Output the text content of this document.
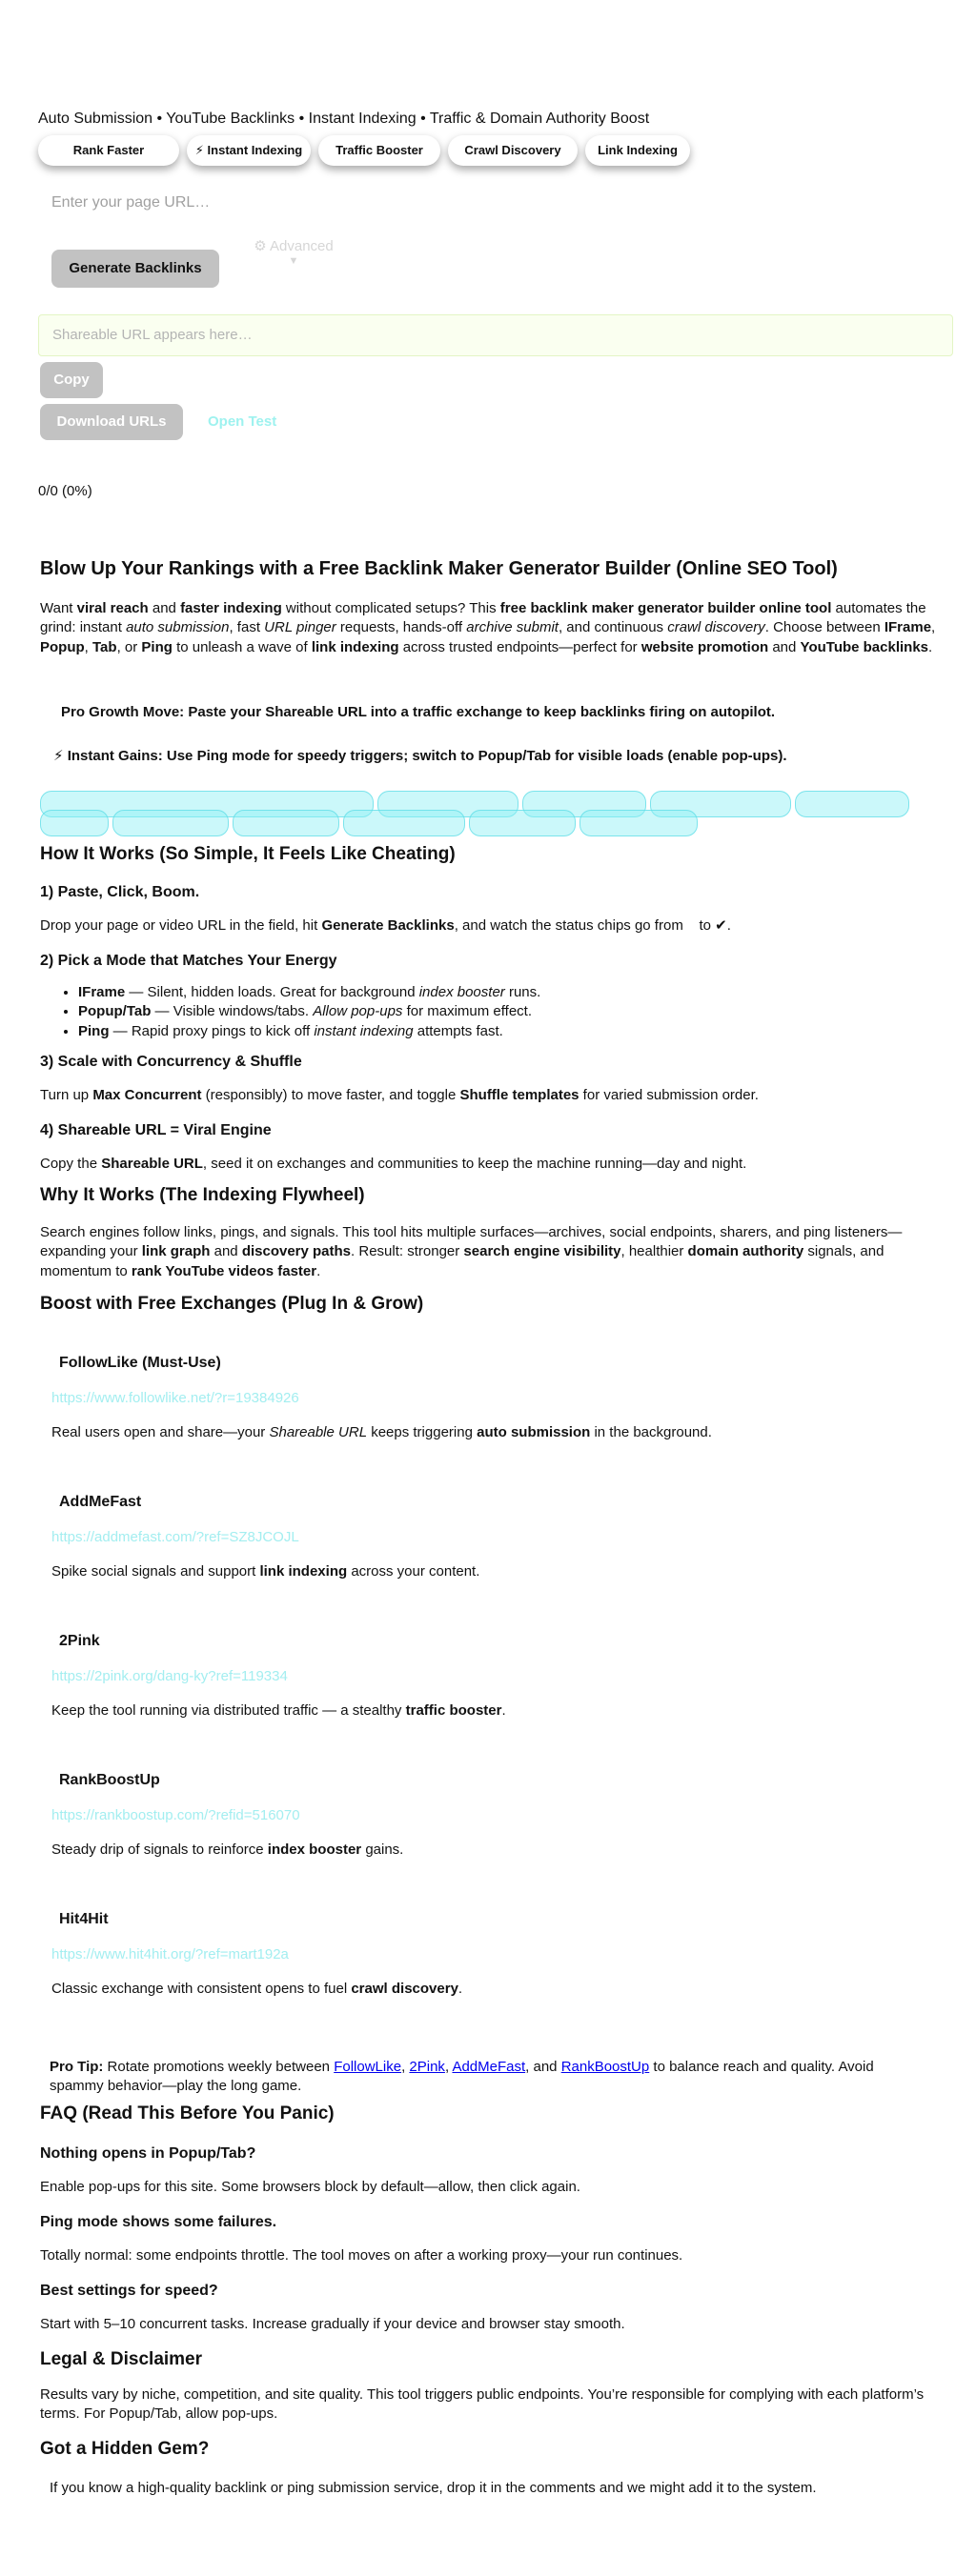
Auto Submission • YouTube Backlinks • Instant Indexing • Traffic & Domain Authority Boost
Rank Faster	⚡ Instant Indexing	Traffic Booster	Crawl Discovery	Link Indexing
Enter your page URL…
Generate Backlinks
⚙ Advanced
▼
Shareable URL appears here…
Copy
Download URLs	Open Test
0/0 (0%)
Blow Up Your Rankings with a Free Backlink Maker Generator Builder (Online SEO Tool)

Want viral reach and faster indexing without complicated setups? This free backlink maker generator builder online tool automates the grind: instant auto submission, fast URL pinger requests, hands-off archive submit, and continuous crawl discovery. Choose between IFrame, Popup, Tab, or Ping to unleash a wave of link indexing across trusted endpoints—perfect for website promotion and YouTube backlinks.

Pro Growth Move: Paste your Shareable URL into a traffic exchange to keep backlinks firing on autopilot.
⚡ Instant Gains: Use Ping mode for speedy triggers; switch to Popup/Tab for visible loads (enable pop-ups).
How It Works (So Simple, It Feels Like Cheating)
1) Paste, Click, Boom.

Drop your page or video URL in the field, hit Generate Backlinks, and watch the status chips go from to ✔.

2) Pick a Mode that Matches Your Energy
• IFrame — Silent, hidden loads. Great for background index booster runs.
• Popup/Tab — Visible windows/tabs. Allow pop-ups for maximum effect.
• Ping — Rapid proxy pings to kick off instant indexing attempts fast.
3) Scale with Concurrency & Shuffle

Turn up Max Concurrent (responsibly) to move faster, and toggle Shuffle templates for varied submission order.

4) Shareable URL = Viral Engine

Copy the Shareable URL, seed it on exchanges and communities to keep the machine running—day and night.

Why It Works (The Indexing Flywheel)

Search engines follow links, pings, and signals. This tool hits multiple surfaces—archives, social endpoints, sharers, and ping listeners—expanding your link graph and discovery paths. Result: stronger search engine visibility, healthier domain authority signals, and momentum to rank YouTube videos faster.

Boost with Free Exchanges (Plug In & Grow)
FollowLike (Must-Use)
https://www.followlike.net/?r=19384926

Real users open and share—your Shareable URL keeps triggering auto submission in the background.

AddMeFast
https://addmefast.com/?ref=SZ8JCOJL

Spike social signals and support link indexing across your content.

2Pink
https://2pink.org/dang-ky?ref=119334

Keep the tool running via distributed traffic — a stealthy traffic booster.

RankBoostUp
https://rankboostup.com/?refid=516070

Steady drip of signals to reinforce index booster gains.

Hit4Hit
https://www.hit4hit.org/?ref=mart192a

Classic exchange with consistent opens to fuel crawl discovery.

Pro Tip: Rotate promotions weekly between FollowLike, 2Pink, AddMeFast, and RankBoostUp to balance reach and quality. Avoid spammy behavior—play the long game.

FAQ (Read This Before You Panic)
Nothing opens in Popup/Tab?

Enable pop-ups for this site. Some browsers block by default—allow, then click again.

Ping mode shows some failures.

Totally normal: some endpoints throttle. The tool moves on after a working proxy—your run continues.

Best settings for speed?

Start with 5–10 concurrent tasks. Increase gradually if your device and browser stay smooth.

Legal & Disclaimer

Results vary by niche, competition, and site quality. This tool triggers public endpoints. You’re responsible for complying with each platform’s terms. For Popup/Tab, allow pop-ups.

Got a Hidden Gem?

If you know a high-quality backlink or ping submission service, drop it in the comments and we might add it to the system.
